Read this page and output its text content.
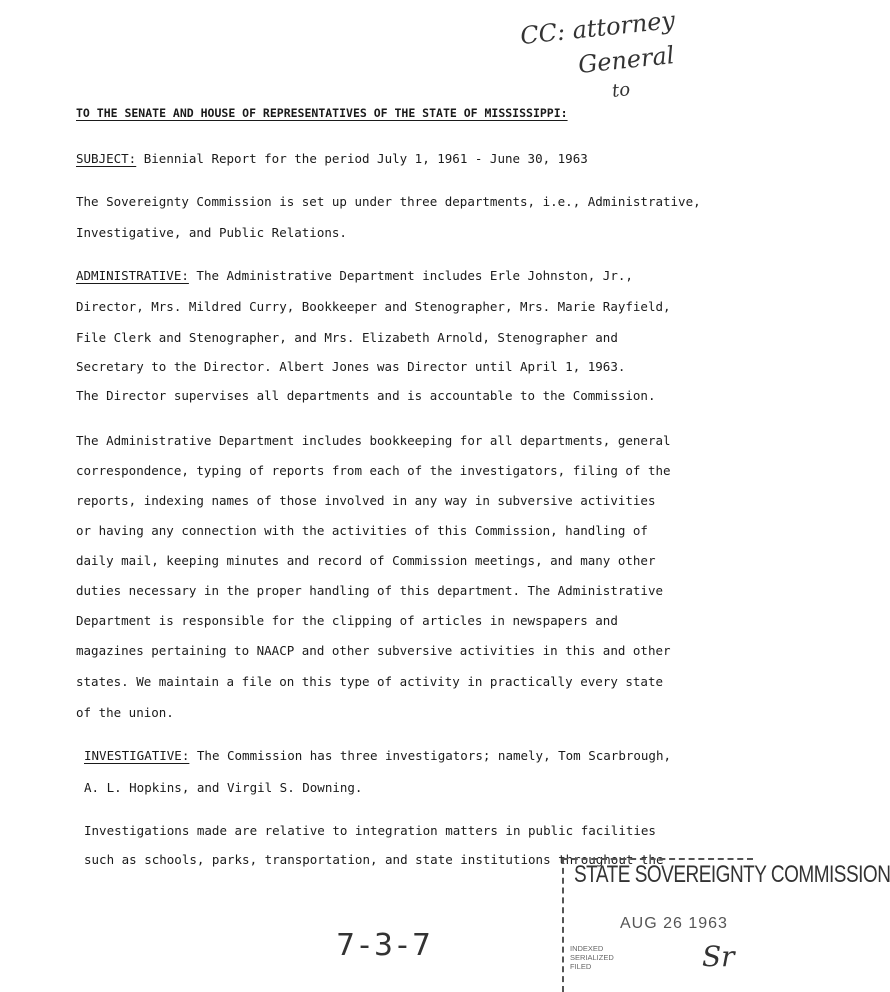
CC: attorney
General
to
TO THE SENATE AND HOUSE OF REPRESENTATIVES OF THE STATE OF MISSISSIPPI:
SUBJECT: Biennial Report for the period July 1, 1961 - June 30, 1963
The Sovereignty Commission is set up under three departments, i.e., Administrative,
Investigative, and Public Relations.
ADMINISTRATIVE: The Administrative Department includes Erle Johnston, Jr.,
Director, Mrs. Mildred Curry, Bookkeeper and Stenographer, Mrs. Marie Rayfield,
File Clerk and Stenographer, and Mrs. Elizabeth Arnold, Stenographer and
Secretary to the Director. Albert Jones was Director until April 1, 1963.
The Director supervises all departments and is accountable to the Commission.
The Administrative Department includes bookkeeping for all departments, general
correspondence, typing of reports from each of the investigators, filing of the
reports, indexing names of those involved in any way in subversive activities
or having any connection with the activities of this Commission, handling of
daily mail, keeping minutes and record of Commission meetings, and many other
duties necessary in the proper handling of this department. The Administrative
Department is responsible for the clipping of articles in newspapers and
magazines pertaining to NAACP and other subversive activities in this and other
states. We maintain a file on this type of activity in practically every state
of the union.
INVESTIGATIVE: The Commission has three investigators; namely, Tom Scarbrough,
A. L. Hopkins, and Virgil S. Downing.
Investigations made are relative to integration matters in public facilities
such as schools, parks, transportation, and state institutions throughout the
STATE SOVEREIGNTY COMMISSION
AUG 26 1963
INDEXED
SERIALIZED
FILED	Sr
7-3-7
